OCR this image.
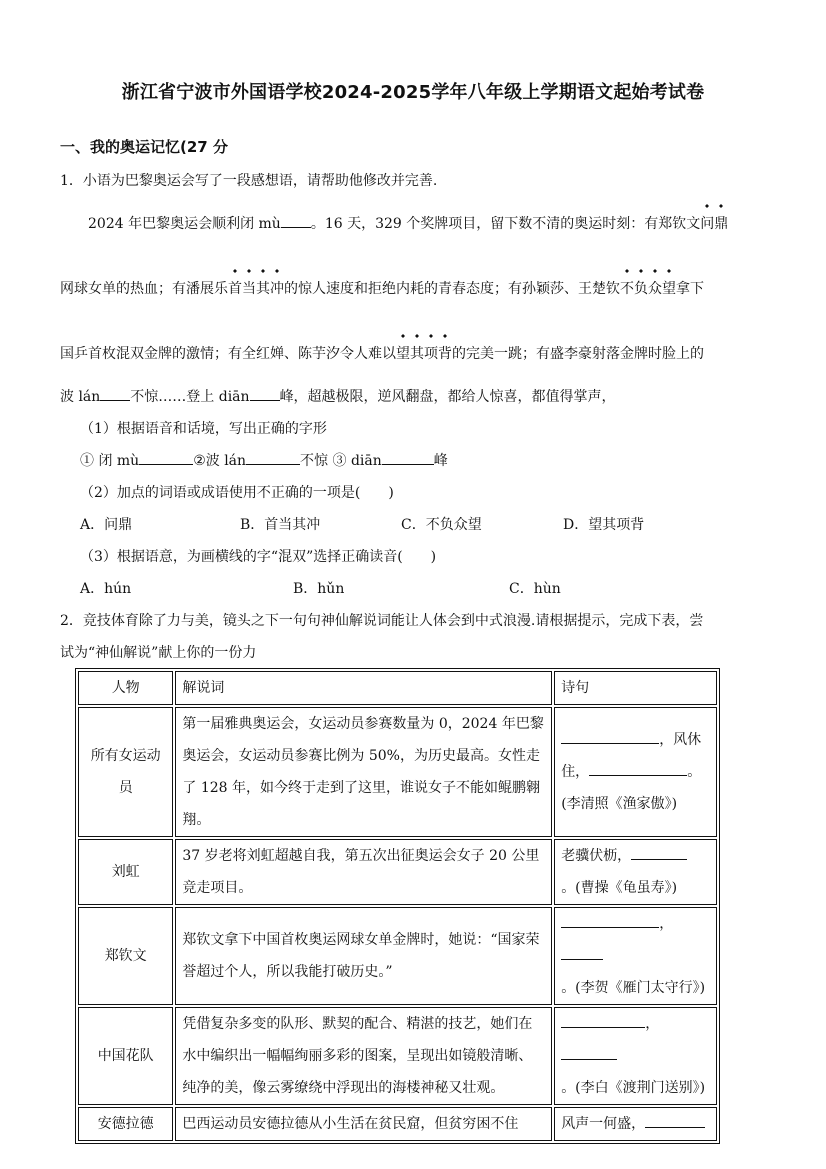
浙江省宁波市外国语学校2024-2025学年八年级上学期语文起始考试卷
一、我的奥运记忆(27 分
1．小语为巴黎奥运会写了一段感想语，请帮助他修改并完善.
2024 年巴黎奥运会顺利闭 mù 。16 天，329 个奖牌项目，留下数不清的奥运时刻：有郑钦文问鼎
网球女单的热血；有潘展乐首当其冲的惊人速度和拒绝内耗的青春态度；有孙颖莎、王楚钦不负众望拿下
国乒首枚混双金牌的激情；有全红婵、陈芋汐令人难以望其项背的完美一跳；有盛李豪射落金牌时脸上的
波 lán 不惊……登上 diān 峰，超越极限，逆风翻盘，都给人惊喜，都值得掌声，
（1）根据语音和话境，写出正确的字形
① 闭 mù	②波 lán	不惊 ③ diān	峰
（2）加点的词语或成语使用不正确的一项是(　　)
A．问鼎	B．首当其冲	C．不负众望	D．望其项背
（3）根据语意，为画横线的字“混双”选择正确读音(　　)
A．hún	B．hǔn	C．hùn
2．竞技体育除了力与美，镜头之下一句句神仙解说词能让人体会到中式浪漫.请根据提示，完成下表，尝
试为“神仙解说”献上你的一份力
人物	解说词	诗句

所有女运动员	第一届雅典奥运会，女运动员参赛数量为 0，2024 年巴黎奥运会，女运动员参赛比例为 50%，为历史最高。女性走了 128 年，如今终于走到了这里，谁说女子不能如鲲鹏翱翔。	，风休
住， 。
(李清照《渔家傲》)
刘虹	37 岁老将刘虹超越自我，第五次出征奥运会女子 20 公里竞走项目。	老骥伏枥，
。(曹操《龟虽寿》)
郑钦文	郑钦文拿下中国首枚奥运网球女单金牌时，她说：“国家荣誉超过个人，所以我能打破历史。”	，
。(李贺《雁门太守行》)
中国花队	凭借复杂多变的队形、默契的配合、精湛的技艺，她们在水中编织出一幅幅绚丽多彩的图案，呈现出如镜般清晰、纯净的美，像云雾缭绕中浮现出的海楼神秘又壮观。	，
。(李白《渡荆门送别》)
安德拉德	巴西运动员安德拉德从小生活在贫民窟，但贫穷困不住	风声一何盛，
